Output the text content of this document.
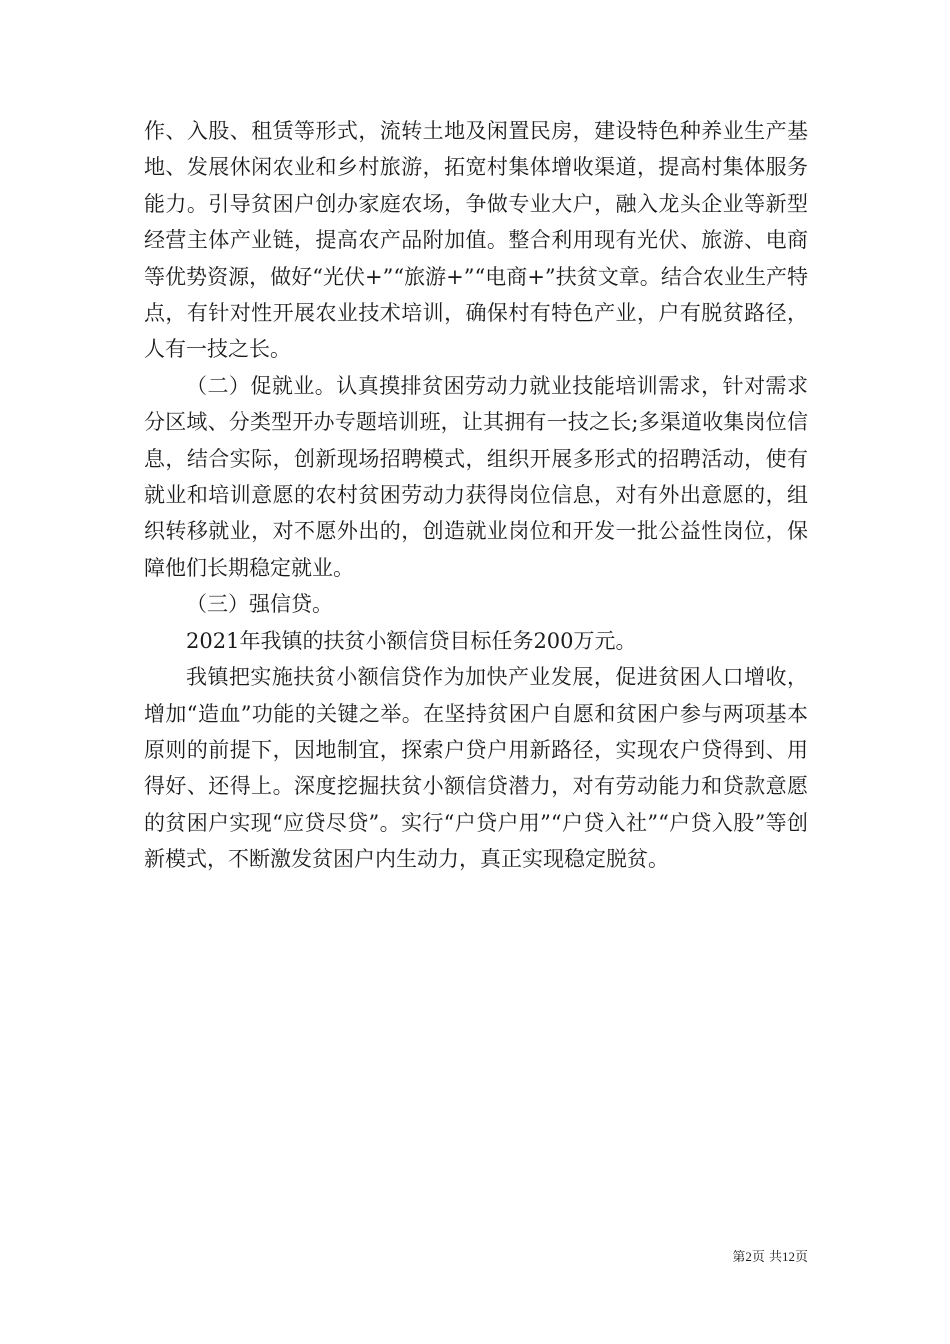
作、入股、租赁等形式，流转土地及闲置民房，建设特色种养业生产基地、发展休闲农业和乡村旅游，拓宽村集体增收渠道，提高村集体服务能力。引导贫困户创办家庭农场，争做专业大户，融入龙头企业等新型经营主体产业链，提高农产品附加值。整合利用现有光伏、旅游、电商等优势资源，做好“光伏+”“旅游+”“电商+”扶贫文章。结合农业生产特点，有针对性开展农业技术培训，确保村有特色产业，户有脱贫路径，人有一技之长。

（二）促就业。认真摸排贫困劳动力就业技能培训需求，针对需求分区域、分类型开办专题培训班，让其拥有一技之长;多渠道收集岗位信息，结合实际，创新现场招聘模式，组织开展多形式的招聘活动，使有就业和培训意愿的农村贫困劳动力获得岗位信息，对有外出意愿的，组织转移就业，对不愿外出的，创造就业岗位和开发一批公益性岗位，保障他们长期稳定就业。

（三）强信贷。

2021年我镇的扶贫小额信贷目标任务200万元。

我镇把实施扶贫小额信贷作为加快产业发展，促进贫困人口增收，增加“造血”功能的关键之举。在坚持贫困户自愿和贫困户参与两项基本原则的前提下，因地制宜，探索户贷户用新路径，实现农户贷得到、用得好、还得上。深度挖掘扶贫小额信贷潜力，对有劳动能力和贷款意愿的贫困户实现“应贷尽贷”。实行“户贷户用”“户贷入社”“户贷入股”等创新模式，不断激发贫困户内生动力，真正实现稳定脱贫。

第2页 共12页
